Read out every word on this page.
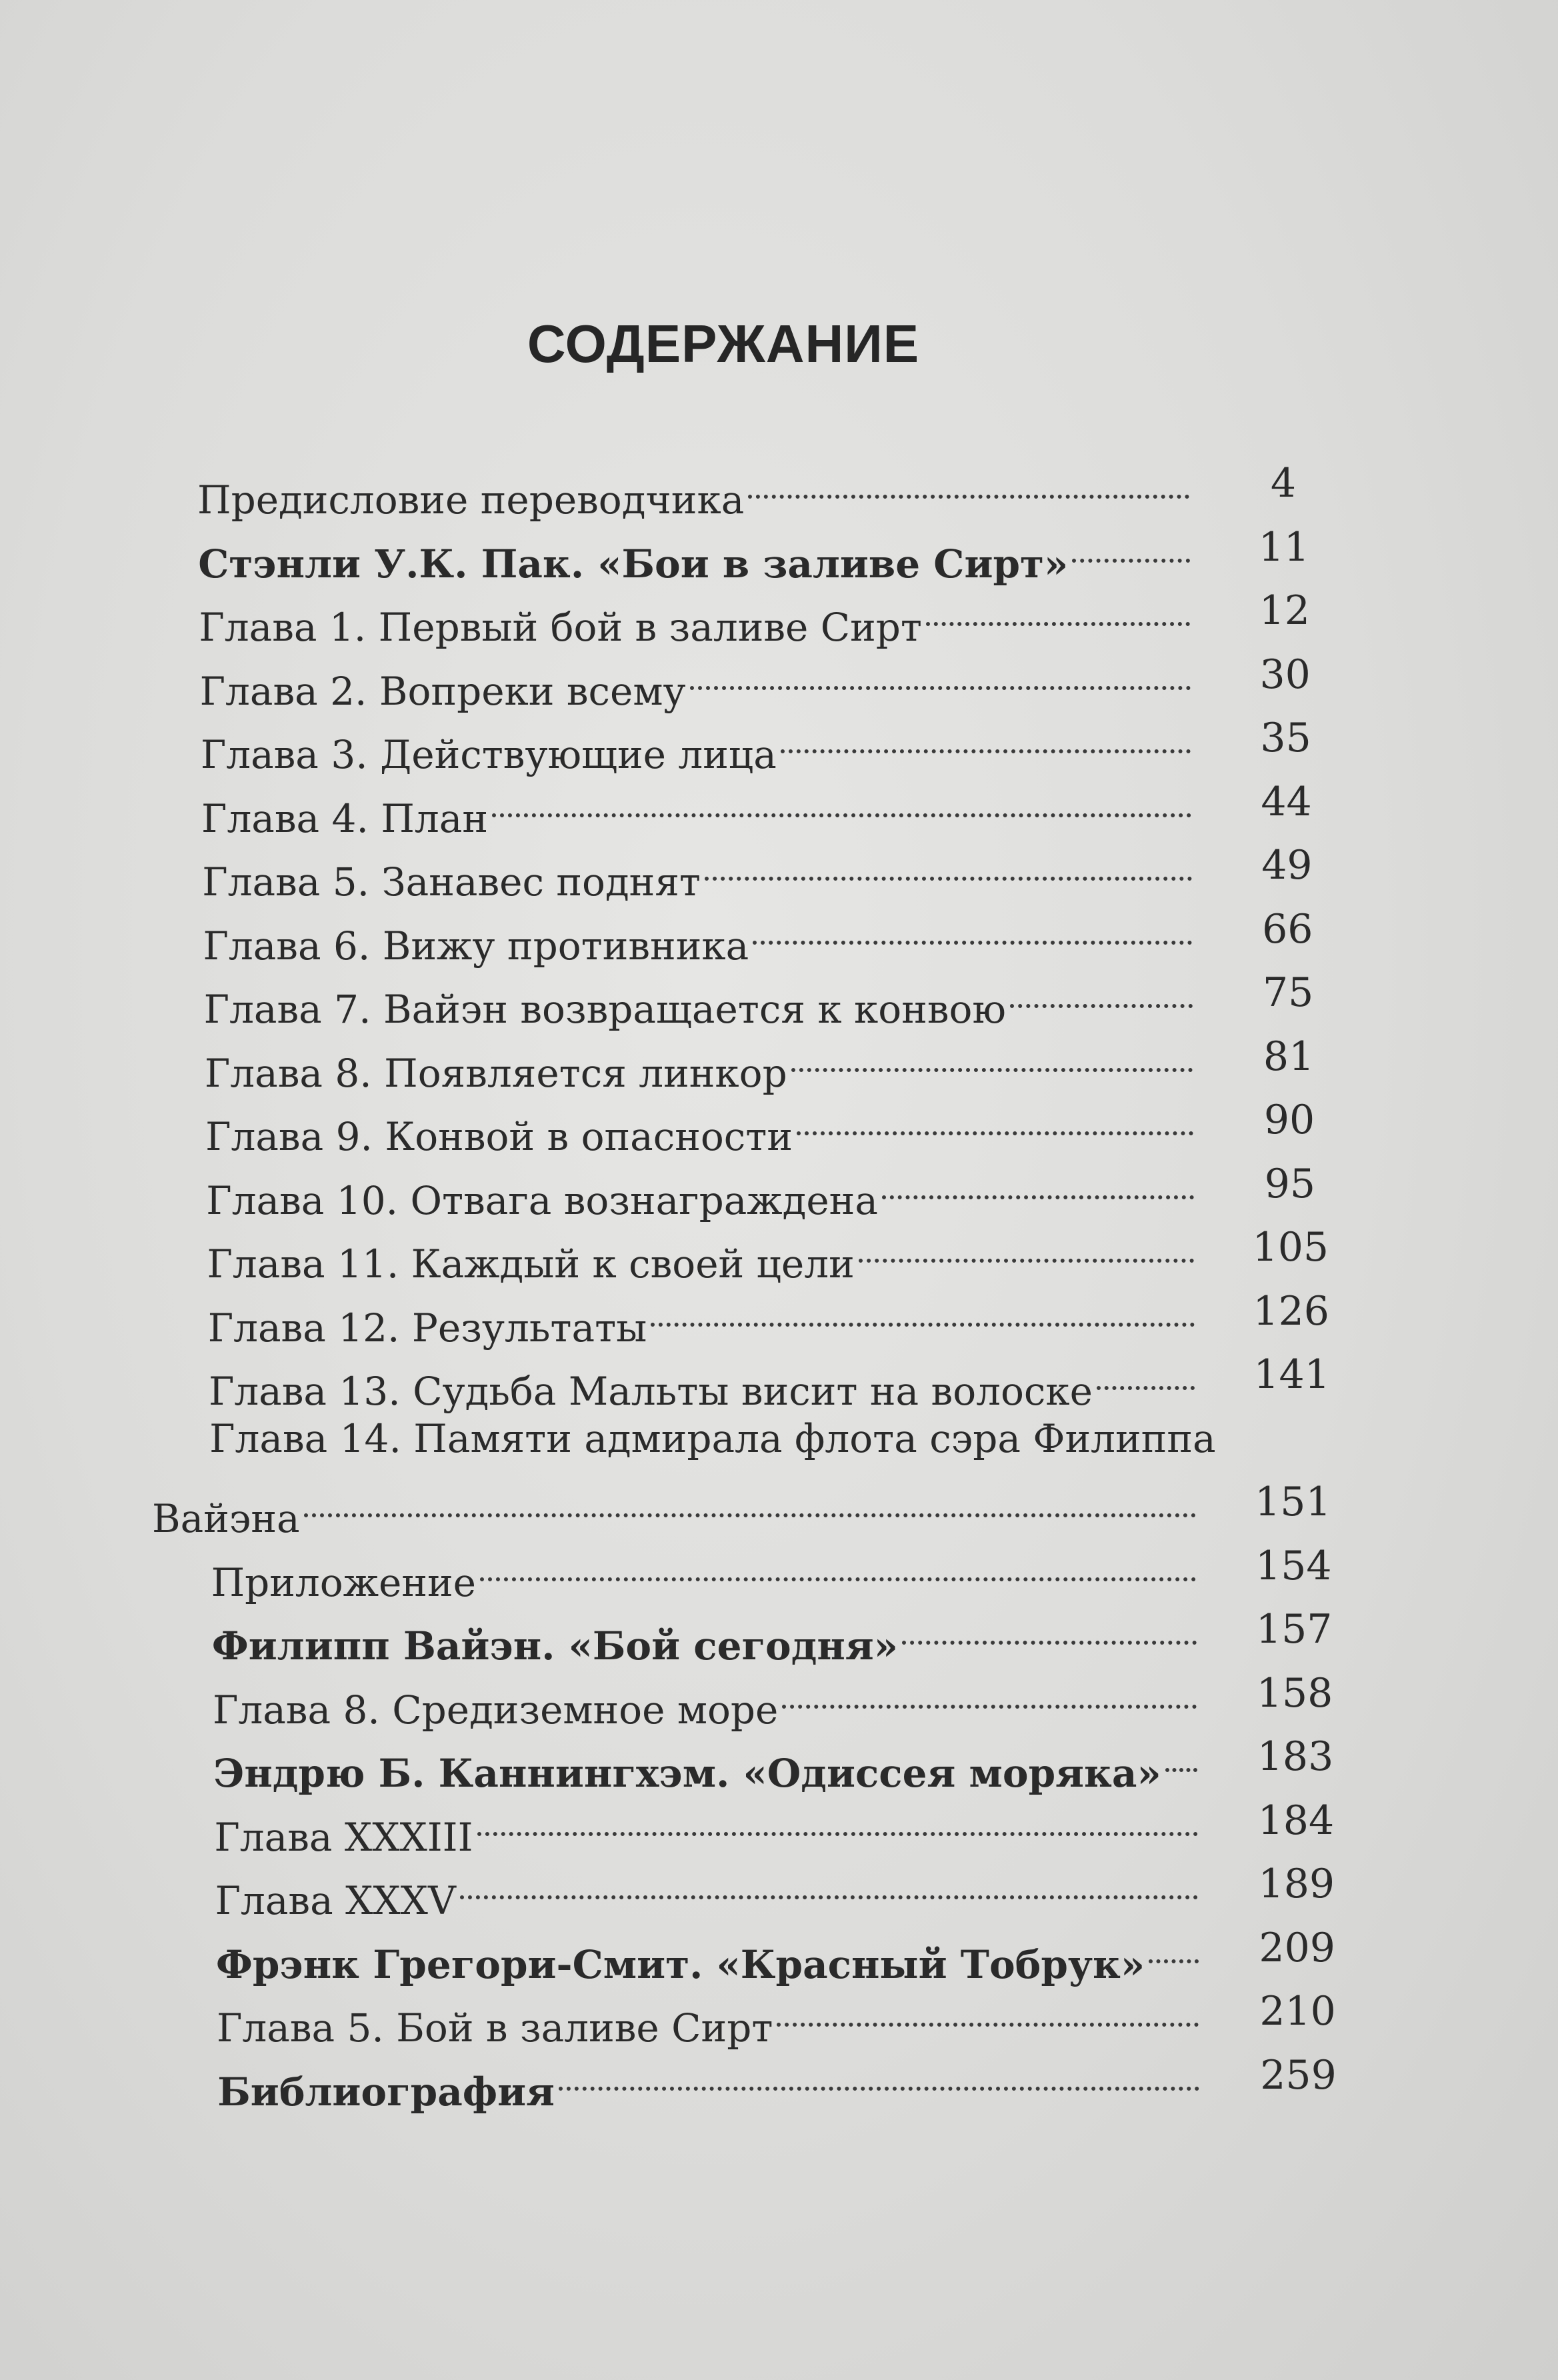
СОДЕРЖАНИЕ
Предисловие переводчика	4
Стэнли У.К. Пак. «Бои в заливе Сирт»	11
Глава 1. Первый бой в заливе Сирт	12
Глава 2. Вопреки всему	30
Глава 3. Действующие лица	35
Глава 4. План	44
Глава 5. Занавес поднят	49
Глава 6. Вижу противника	66
Глава 7. Вайэн возвращается к конвою	75
Глава 8. Появляется линкор	81
Глава 9. Конвой в опасности	90
Глава 10. Отвага вознаграждена	95
Глава 11. Каждый к своей цели	105
Глава 12. Результаты	126
Глава 13. Судьба Мальты висит на волоске	141
Глава 14. Памяти адмирала флота сэра Филиппа
Вайэна	151
Приложение	154
Филипп Вайэн. «Бой сегодня»	157
Глава 8. Средиземное море	158
Эндрю Б. Каннингхэм. «Одиссея моряка»	183
Глава XXXIII	184
Глава XXXV	189
Фрэнк Грегори-Смит. «Красный Тобрук»	209
Глава 5. Бой в заливе Сирт	210
Библиография	259
